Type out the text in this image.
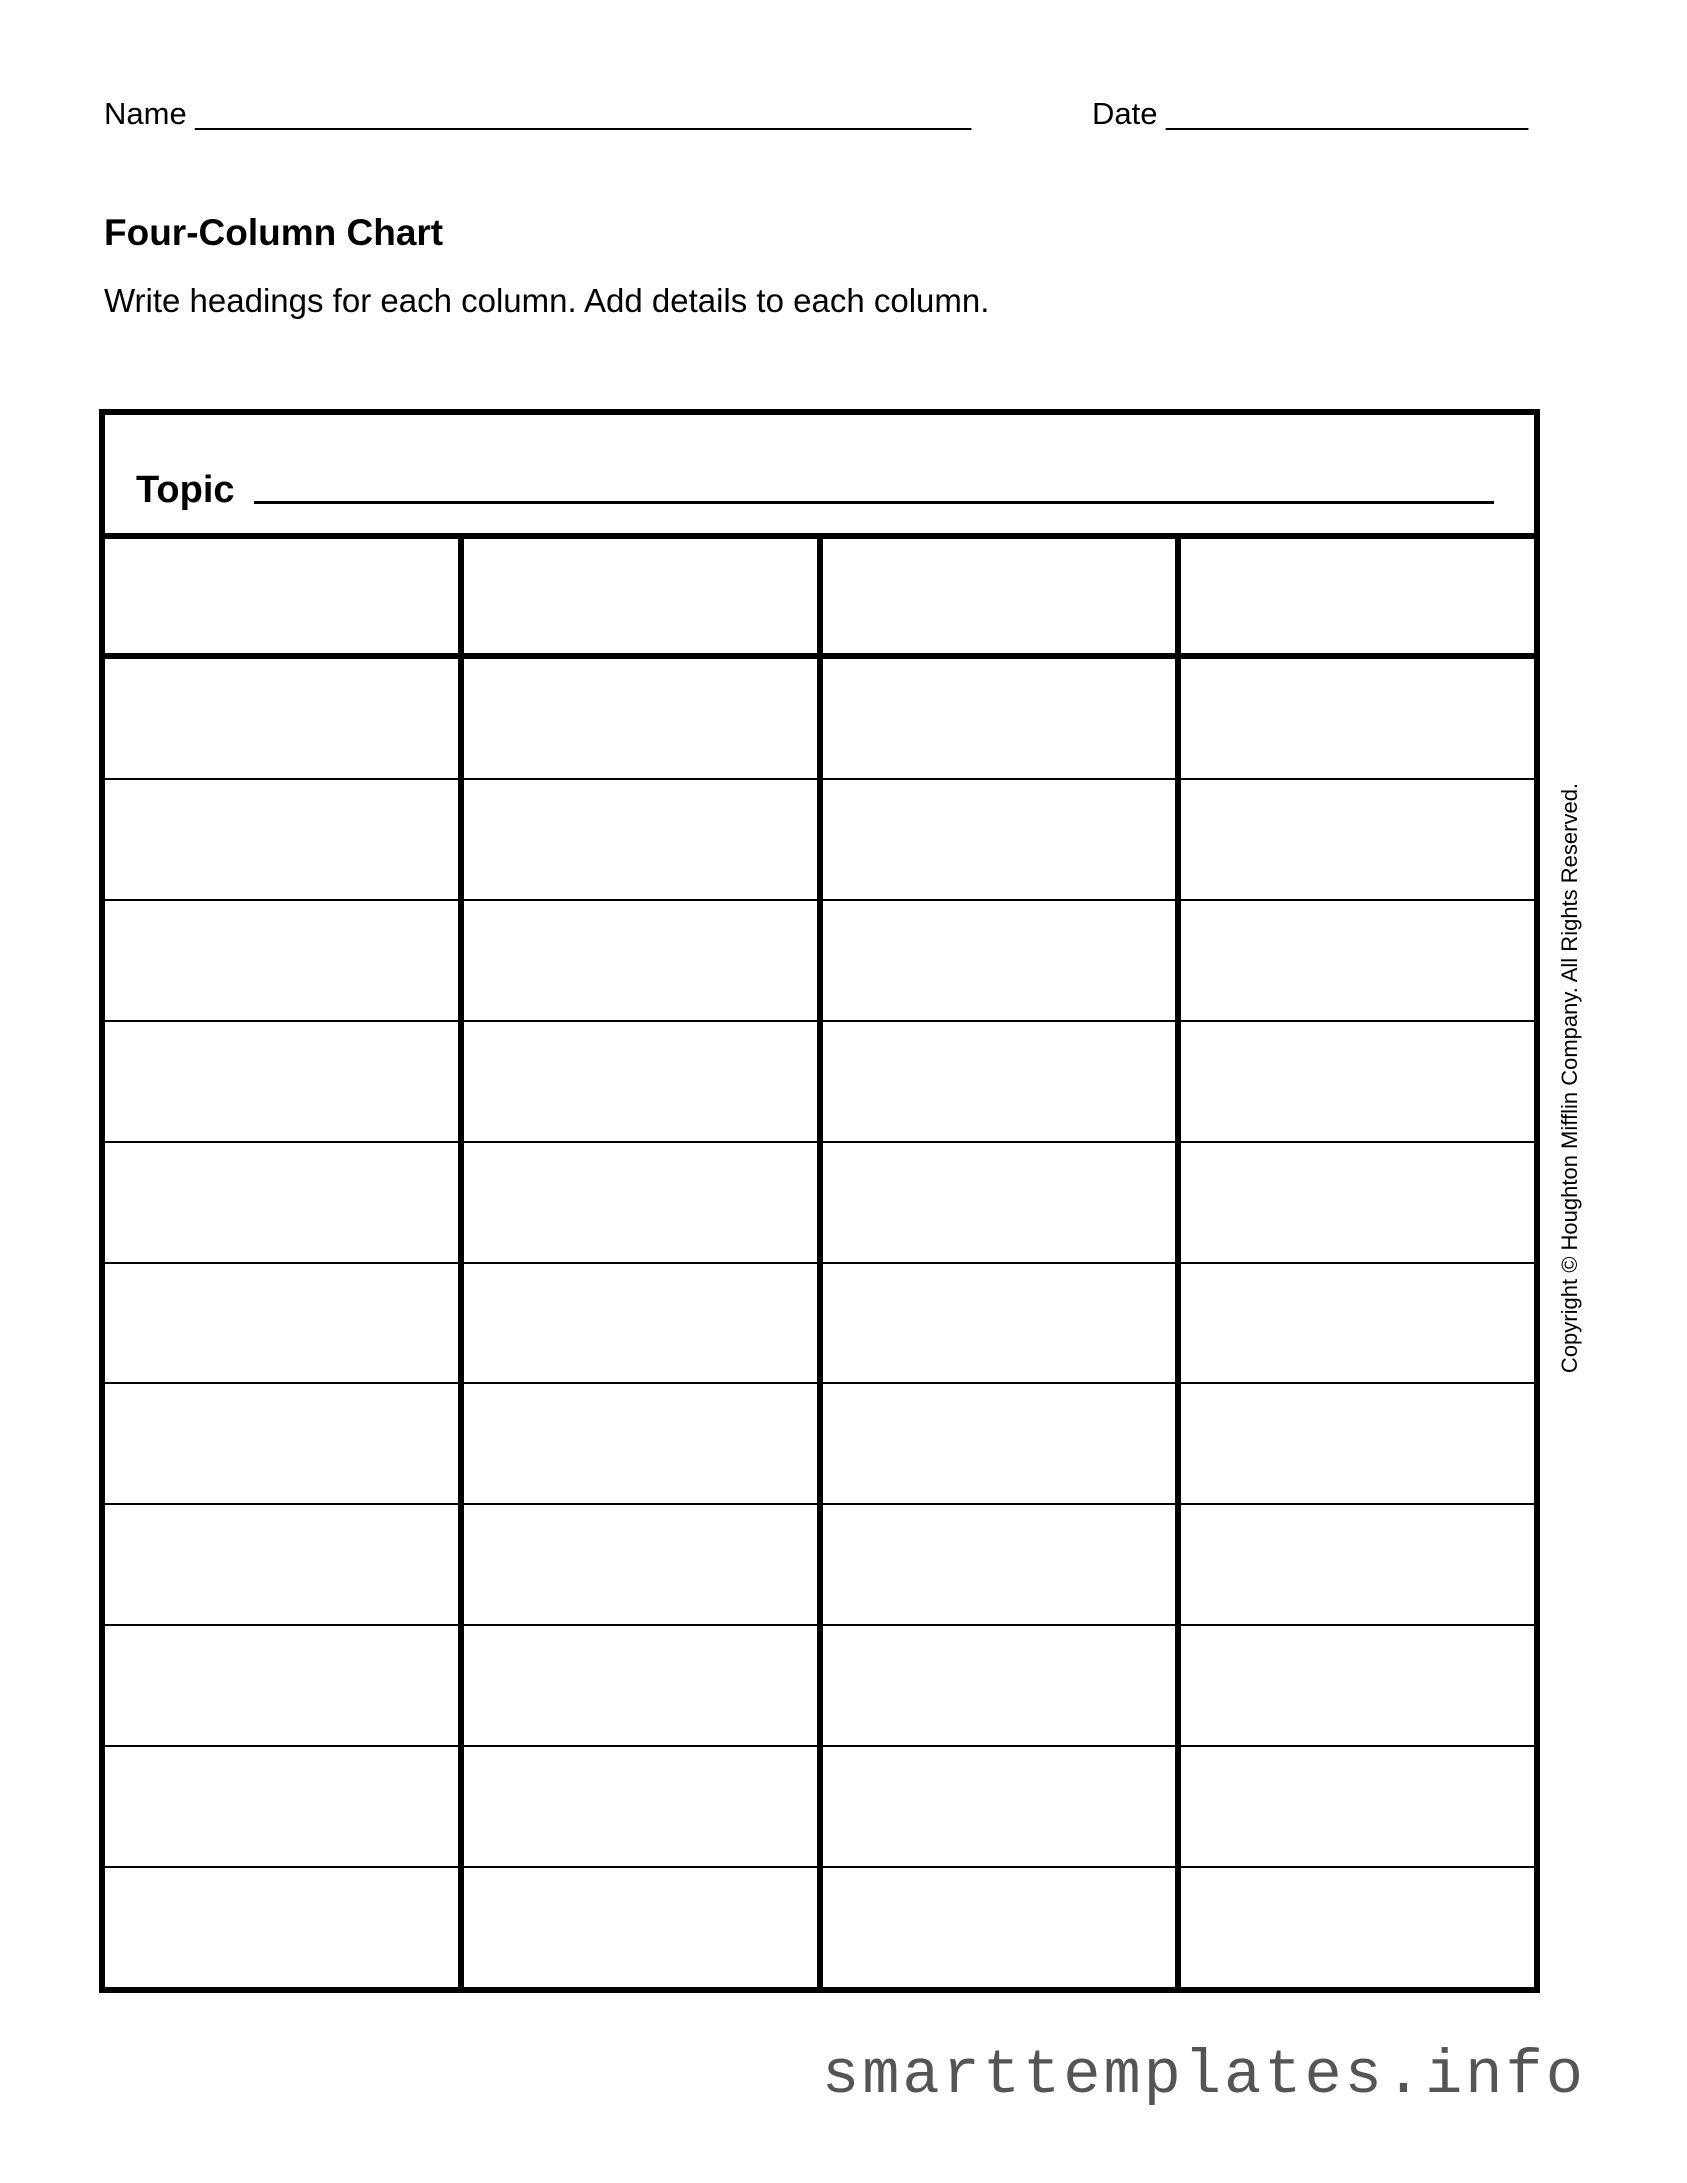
Name _____________________________________________	Date _____________________
Four-Column Chart
Write headings for each column. Add details to each column.
Topic
Copyright © Houghton Mifflin Company. All Rights Reserved.
smarttemplates.info
